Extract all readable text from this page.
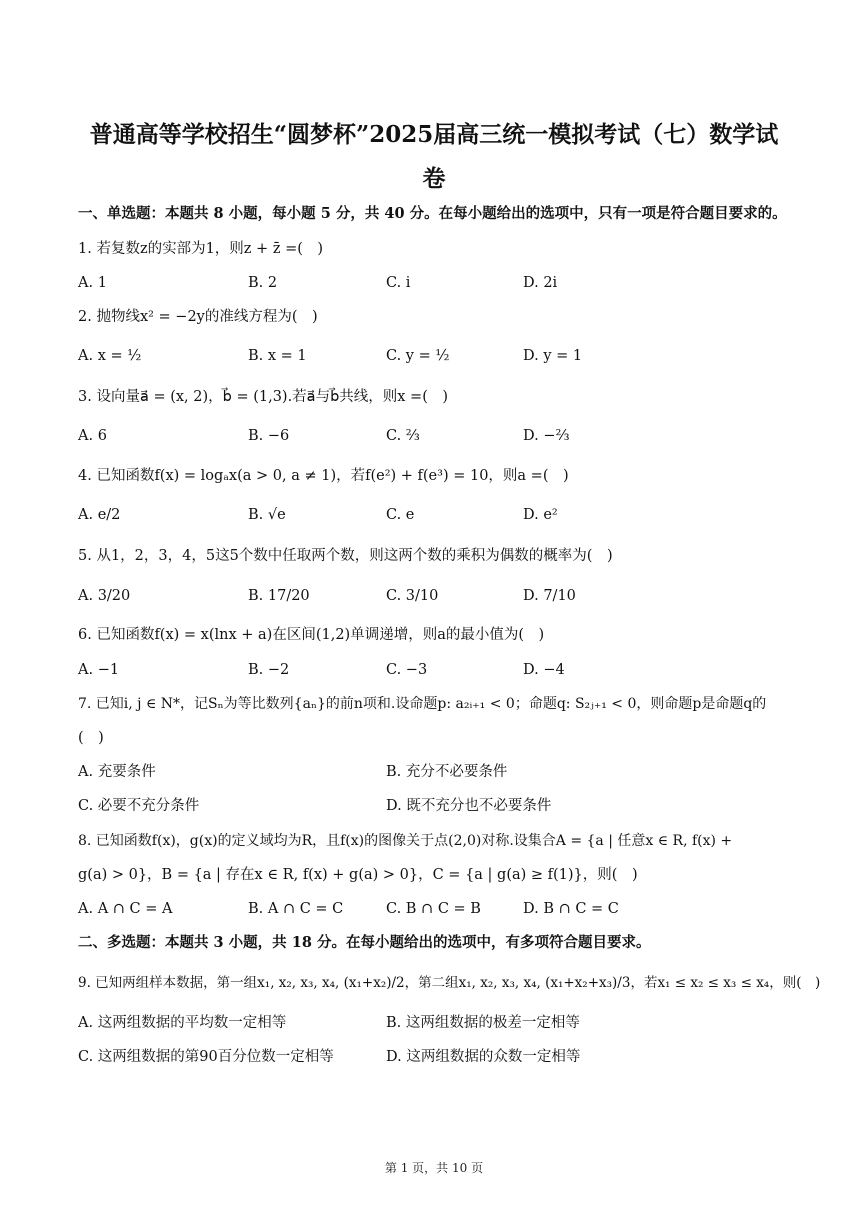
普通高等学校招生“圆梦杯”2025届高三统一模拟考试（七）数学试
卷
一、单选题：本题共 8 小题，每小题 5 分，共 40 分。在每小题给出的选项中，只有一项是符合题目要求的。
1. 若复数z的实部为1，则z + z̄ =(　)
A. 1	B. 2	C. i	D. 2i
2. 抛物线x² = −2y的准线方程为(　)
A. x = ½	B. x = 1	C. y = ½	D. y = 1
3. 设向量a⃗ = (x, 2)，b⃗ = (1,3).若a⃗与b⃗共线，则x =(　)
A. 6	B. −6	C. ⅔	D. −⅔
4. 已知函数f(x) = logₐx(a > 0, a ≠ 1)，若f(e²) + f(e³) = 10，则a =(　)
A. e/2	B. √e	C. e	D. e²
5. 从1，2，3，4，5这5个数中任取两个数，则这两个数的乘积为偶数的概率为(　)
A. 3/20	B. 17/20	C. 3/10	D. 7/10
6. 已知函数f(x) = x(lnx + a)在区间(1,2)单调递增，则a的最小值为(　)
A. −1	B. −2	C. −3	D. −4
7. 已知i, j ∈ N*，记Sₙ为等比数列{aₙ}的前n项和.设命题p: a₂ᵢ₊₁ < 0；命题q: S₂ⱼ₊₁ < 0，则命题p是命题q的
(　)
A. 充要条件	B. 充分不必要条件
C. 必要不充分条件	D. 既不充分也不必要条件
8. 已知函数f(x)，g(x)的定义域均为R，且f(x)的图像关于点(2,0)对称.设集合A = {a | 任意x ∈ R, f(x) +
g(a) > 0}，B = {a | 存在x ∈ R, f(x) + g(a) > 0}，C = {a | g(a) ≥ f(1)}，则(　)
A. A ∩ C = A	B. A ∩ C = C	C. B ∩ C = B	D. B ∩ C = C
二、多选题：本题共 3 小题，共 18 分。在每小题给出的选项中，有多项符合题目要求。
9. 已知两组样本数据，第一组x₁, x₂, x₃, x₄, (x₁+x₂)/2，第二组x₁, x₂, x₃, x₄, (x₁+x₂+x₃)/3，若x₁ ≤ x₂ ≤ x₃ ≤ x₄，则(　)
A. 这两组数据的平均数一定相等	B. 这两组数据的极差一定相等
C. 这两组数据的第90百分位数一定相等	D. 这两组数据的众数一定相等
第 1 页，共 10 页
